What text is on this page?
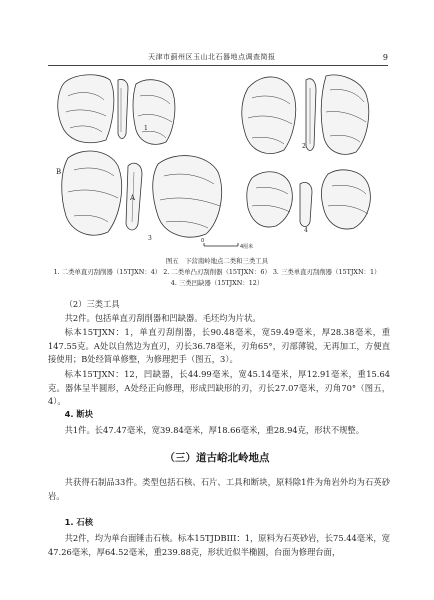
天津市蓟州区玉山北石器地点调查简报	9
A
B
1
2
3
4
0
4厘米
图五　下营南岭地点二类和三类工具
1. 二类单直刃刮削器（15TJXN：4） 2. 二类单凸刃刮削器（15TJXN：6） 3. 三类单直刃刮削器（15TJXN：1）
4. 三类凹缺器（15TJXN：12）
（2）三类工具
共2件。包括单直刃刮削器和凹缺器。毛坯均为片状。
标本15TJXN：1，单直刃刮削器，长90.48毫米，宽59.49毫米，厚28.38毫米，重147.55克。A处以自然边为直刃，刃长36.78毫米，刃角65°，刃部薄锐，无再加工，方便直接使用；B处经简单修整，为修理把手（图五，3）。
标本15TJXN：12，凹缺器，长44.99毫米，宽45.14毫米，厚12.91毫米，重15.64克。器体呈半圆形，A处经正向修理，形成凹缺形的刃，刃长27.07毫米，刃角70°（图五，4）。
4. 断块
共1件。长47.47毫米，宽39.84毫米，厚18.66毫米，重28.94克，形状不规整。
（三）道古峪北岭地点
共获得石制品33件。类型包括石核、石片、工具和断块，原料除1件为角岩外均为石英砂岩。
1. 石核
共2件，均为单台面锤击石核。标本15TJDBIII：1，原料为石英砂岩，长75.44毫米，宽47.26毫米，厚64.52毫米，重239.88克，形状近似半椭圆，台面为修理台面，
